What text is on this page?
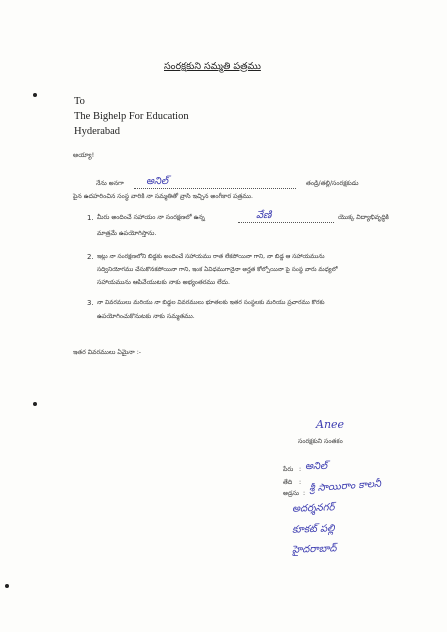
సంరక్షకుని సమ్మతి పత్రము
To
The Bighelp For Education
Hyderabad
అయ్యా!
నేను అనగా అనిల్	తండ్రి/తల్లి/సంరక్షకుడు
పైన ఉదహరించిన సంస్థ వారికి నా సమ్మతితో వ్రాసి ఇచ్చిన అంగీకార పత్రము.
1. మీరు అందించే సహాయం నా సంరక్షణలో ఉన్న	వేణి	యొక్క విద్యాభివృద్ధికి
మాత్రమే ఉపయోగిస్తాను.
2. ఇట్లు నా సంరక్షణలోని బిడ్డకు అందించే సహాయము రాత లేకపోయినా గాని, నా బిడ్డ ఆ సహాయమును
సద్వినియోగము చేసుకొనకపోయినా గాని, ఇంక ఏవిధముగానైనా అర్హత కోల్పోయినా పై సంస్థ వారు మధ్యలో
సహాయమును ఆపివేయుటకు నాకు అభ్యంతరము లేదు.
3. నా వివరములు మరియు నా బిడ్డల వివరములు భూతలకు ఇతర సంస్థలకు మరియు ప్రచారము కొరకు
ఉపయోగించుకొనుటకు నాకు సమ్మతము.
ఇతర వివరములు ఏమైనా :-
Anee
సంరక్షకుని సంతకం
పేరు : అనిల్
తేది :
అడ్రసు : శ్రీ సాయిరాం కాలనీ
అదర్శనగర్
కూకట్ పల్లి
హైదరాబాద్
